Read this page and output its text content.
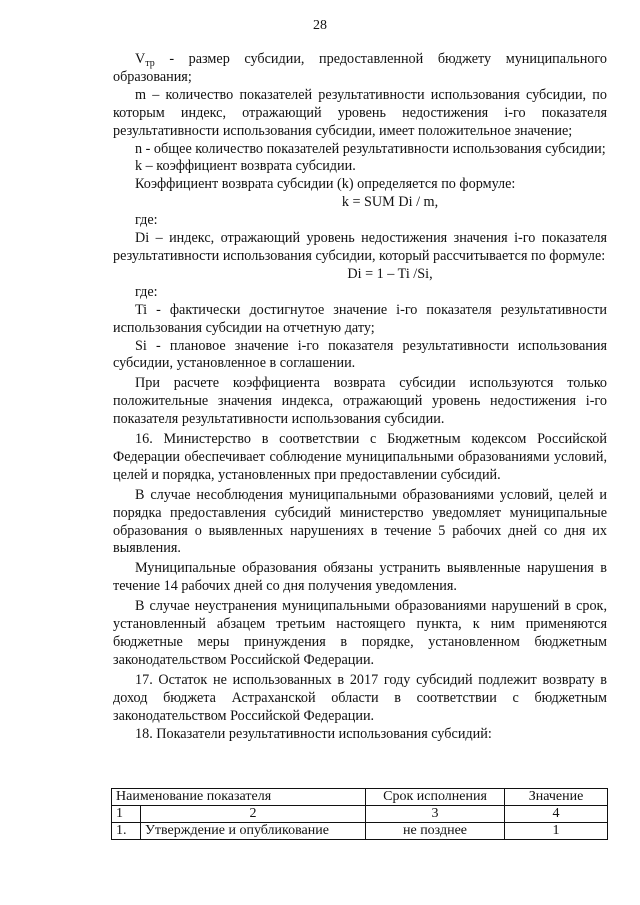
28

$V_{тр}$ - размер субсидии, предоставленной бюджету муниципального образования;

m – количество показателей результативности использования субсидии, по которым индекс, отражающий уровень недостижения i-го показателя результативности использования субсидии, имеет положительное значение;

n - общее количество показателей результативности использования субсидии;

k – коэффициент возврата субсидии.

Коэффициент возврата субсидии (k) определяется по формуле:

k = SUM Di / m,

где:

Di – индекс, отражающий уровень недостижения значения i-го показателя результативности использования субсидии, который рассчитывается по формуле:

Di = 1 – Ti /Si,

где:

Ti - фактически достигнутое значение i-го показателя результативности использования субсидии на отчетную дату;

Si - плановое значение i-го показателя результативности использования субсидии, установленное в соглашении.

При расчете коэффициента возврата субсидии используются только положительные значения индекса, отражающий уровень недостижения i-го показателя результативности использования субсидии.

16. Министерство в соответствии с Бюджетным кодексом Российской Федерации обеспечивает соблюдение муниципальными образованиями условий, целей и порядка, установленных при предоставлении субсидий.

В случае несоблюдения муниципальными образованиями условий, целей и порядка предоставления субсидий министерство уведомляет муниципальные образования о выявленных нарушениях в течение 5 рабочих дней со дня их выявления.

Муниципальные образования обязаны устранить выявленные нарушения в течение 14 рабочих дней со дня получения уведомления.

В случае неустранения муниципальными образованиями нарушений в срок, установленный абзацем третьим настоящего пункта, к ним применяются бюджетные меры принуждения в порядке, установленном бюджетным законодательством Российской Федерации.

17. Остаток не использованных в 2017 году субсидий подлежит возврату в доход бюджета Астраханской области в соответствии с бюджетным законодательством Российской Федерации.

18. Показатели результативности использования субсидий:

Наименование показателя		Срок исполнения	Значение
1	2	3	4
1.	Утверждение и опубликование	не позднее	1
